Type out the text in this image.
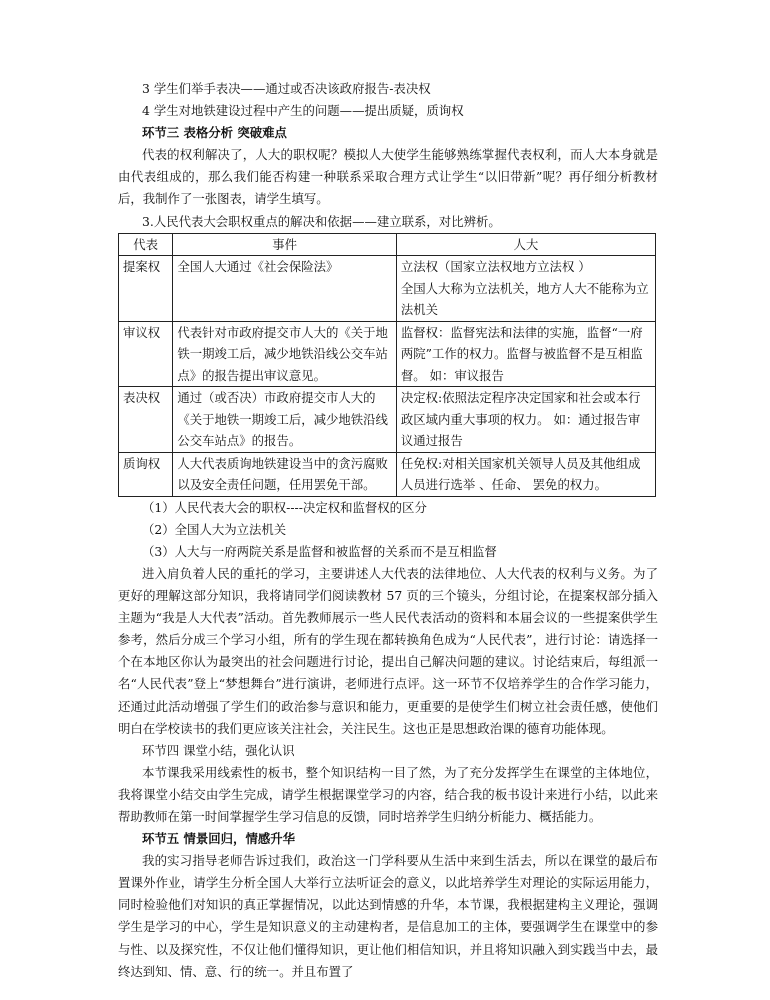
3 学生们举手表决——通过或否决该政府报告-表决权

4 学生对地铁建设过程中产生的问题——提出质疑，质询权

环节三 表格分析 突破难点

代表的权利解决了，人大的职权呢？模拟人大使学生能够熟练掌握代表权利，而人大本身就是由代表组成的，那么我们能否构建一种联系采取合理方式让学生“以旧带新”呢？再仔细分析教材后，我制作了一张图表，请学生填写。

3.人民代表大会职权重点的解决和依据——建立联系，对比辨析。

代表	事件	人大
提案权	全国人大通过《社会保险法》	立法权（国家立法权地方立法权 ）
全国人大称为立法机关，地方人大不能称为立法机关

审议权	代表针对市政府提交市人大的《关于地铁一期竣工后，减少地铁沿线公交车站点》的报告提出审议意见。	监督权：监督宪法和法律的实施，监督“一府两院”工作的权力。监督与被监督不是互相监督。 如：审议报告
表决权	通过（或否决）市政府提交市人大的《关于地铁一期竣工后，减少地铁沿线公交车站点》的报告。	决定权:依照法定程序决定国家和社会或本行政区域内重大事项的权力。 如：通过报告审议通过报告
质询权	人大代表质询地铁建设当中的贪污腐败以及安全责任问题，任用罢免干部。	任免权:对相关国家机关领导人员及其他组成人员进行选举 、任命、 罢免的权力。

（1）人民代表大会的职权----决定权和监督权的区分

（2）全国人大为立法机关

（3）人大与一府两院关系是监督和被监督的关系而不是互相监督

进入肩负着人民的重托的学习，主要讲述人大代表的法律地位、人大代表的权利与义务。为了更好的理解这部分知识，我将请同学们阅读教材 57 页的三个镜头，分组讨论，在提案权部分插入主题为“我是人大代表”活动。首先教师展示一些人民代表活动的资料和本届会议的一些提案供学生参考，然后分成三个学习小组，所有的学生现在都转换角色成为“人民代表”，进行讨论：请选择一个在本地区你认为最突出的社会问题进行讨论，提出自己解决问题的建议。讨论结束后，每组派一名“人民代表”登上“梦想舞台”进行演讲，老师进行点评。这一环节不仅培养学生的合作学习能力，还通过此活动增强了学生们的政治参与意识和能力，更重要的是使学生们树立社会责任感，使他们明白在学校读书的我们更应该关注社会，关注民生。这也正是思想政治课的德育功能体现。

环节四 课堂小结，强化认识

本节课我采用线索性的板书，整个知识结构一目了然，为了充分发挥学生在课堂的主体地位，我将课堂小结交由学生完成，请学生根据课堂学习的内容，结合我的板书设计来进行小结，以此来帮助教师在第一时间掌握学生学习信息的反馈，同时培养学生归纳分析能力、概括能力。

环节五 情景回归，情感升华

我的实习指导老师告诉过我们，政治这一门学科要从生活中来到生活去，所以在课堂的最后布置课外作业，请学生分析全国人大举行立法听证会的意义，以此培养学生对理论的实际运用能力，同时检验他们对知识的真正掌握情况，以此达到情感的升华，本节课，我根据建构主义理论，强调学生是学习的中心，学生是知识意义的主动建构者，是信息加工的主体，要强调学生在课堂中的参与性、以及探究性，不仅让他们懂得知识，更让他们相信知识，并且将知识融入到实践当中去，最终达到知、情、意、行的统一。并且布置了
